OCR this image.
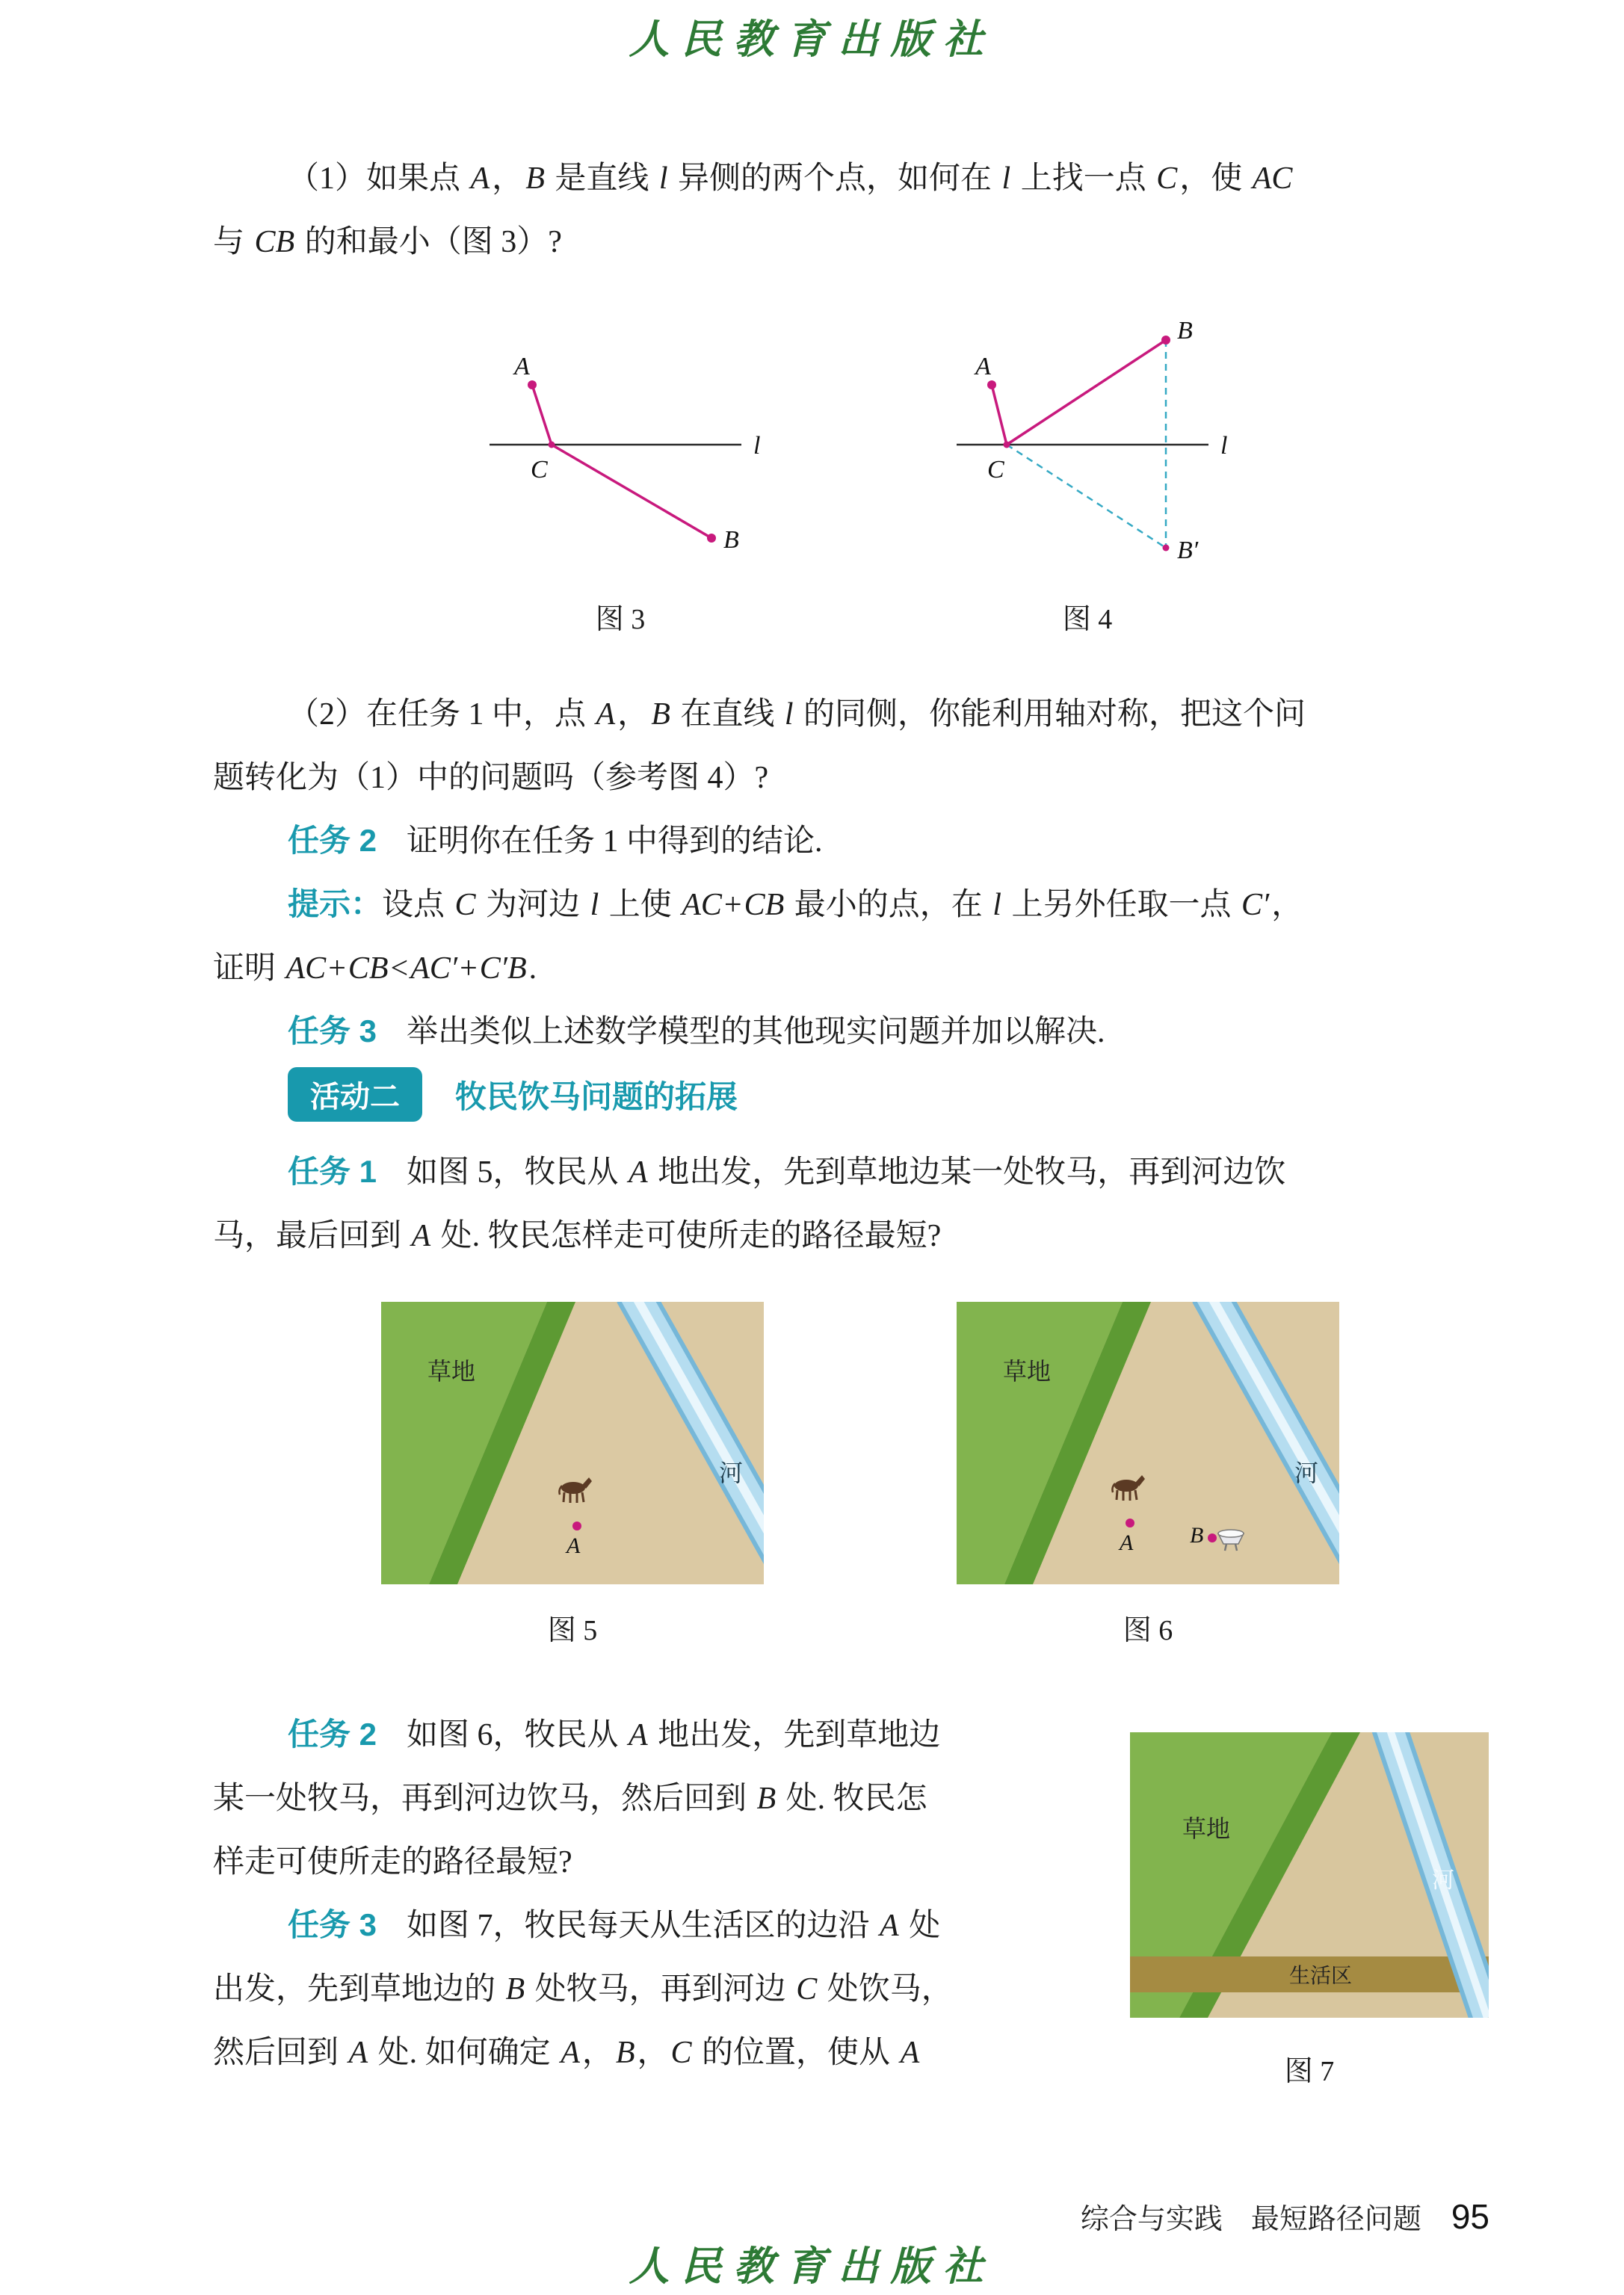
人民教育出版社
（1）如果点 A，B 是直线 l 异侧的两个点，如何在 l 上找一点 C，使 AC
与 CB 的和最小（图 3）?
A
C
B
l
图 3
A
C
B
B′
l
图 4
（2）在任务 1 中，点 A，B 在直线 l 的同侧，你能利用轴对称，把这个问
题转化为（1）中的问题吗（参考图 4）?
任务 2 证明你在任务 1 中得到的结论.
提示：设点 C 为河边 l 上使 AC+CB 最小的点，在 l 上另外任取一点 C′，
证明 AC+CB<AC′+C′B.
任务 3 举出类似上述数学模型的其他现实问题并加以解决.
活动二	牧民饮马问题的拓展
任务 1 如图 5，牧民从 A 地出发，先到草地边某一处牧马，再到河边饮
马，最后回到 A 处. 牧民怎样走可使所走的路径最短?
草地
河
A
图 5
草地
河
A	B
图 6
任务 2 如图 6，牧民从 A 地出发，先到草地边
某一处牧马，再到河边饮马，然后回到 B 处. 牧民怎
样走可使所走的路径最短?
任务 3 如图 7，牧民每天从生活区的边沿 A 处
出发，先到草地边的 B 处牧马，再到河边 C 处饮马，
然后回到 A 处. 如何确定 A，B，C 的位置，使从 A
草地
河
生活区
图 7
综合与实践　最短路径问题 95
人民教育出版社
